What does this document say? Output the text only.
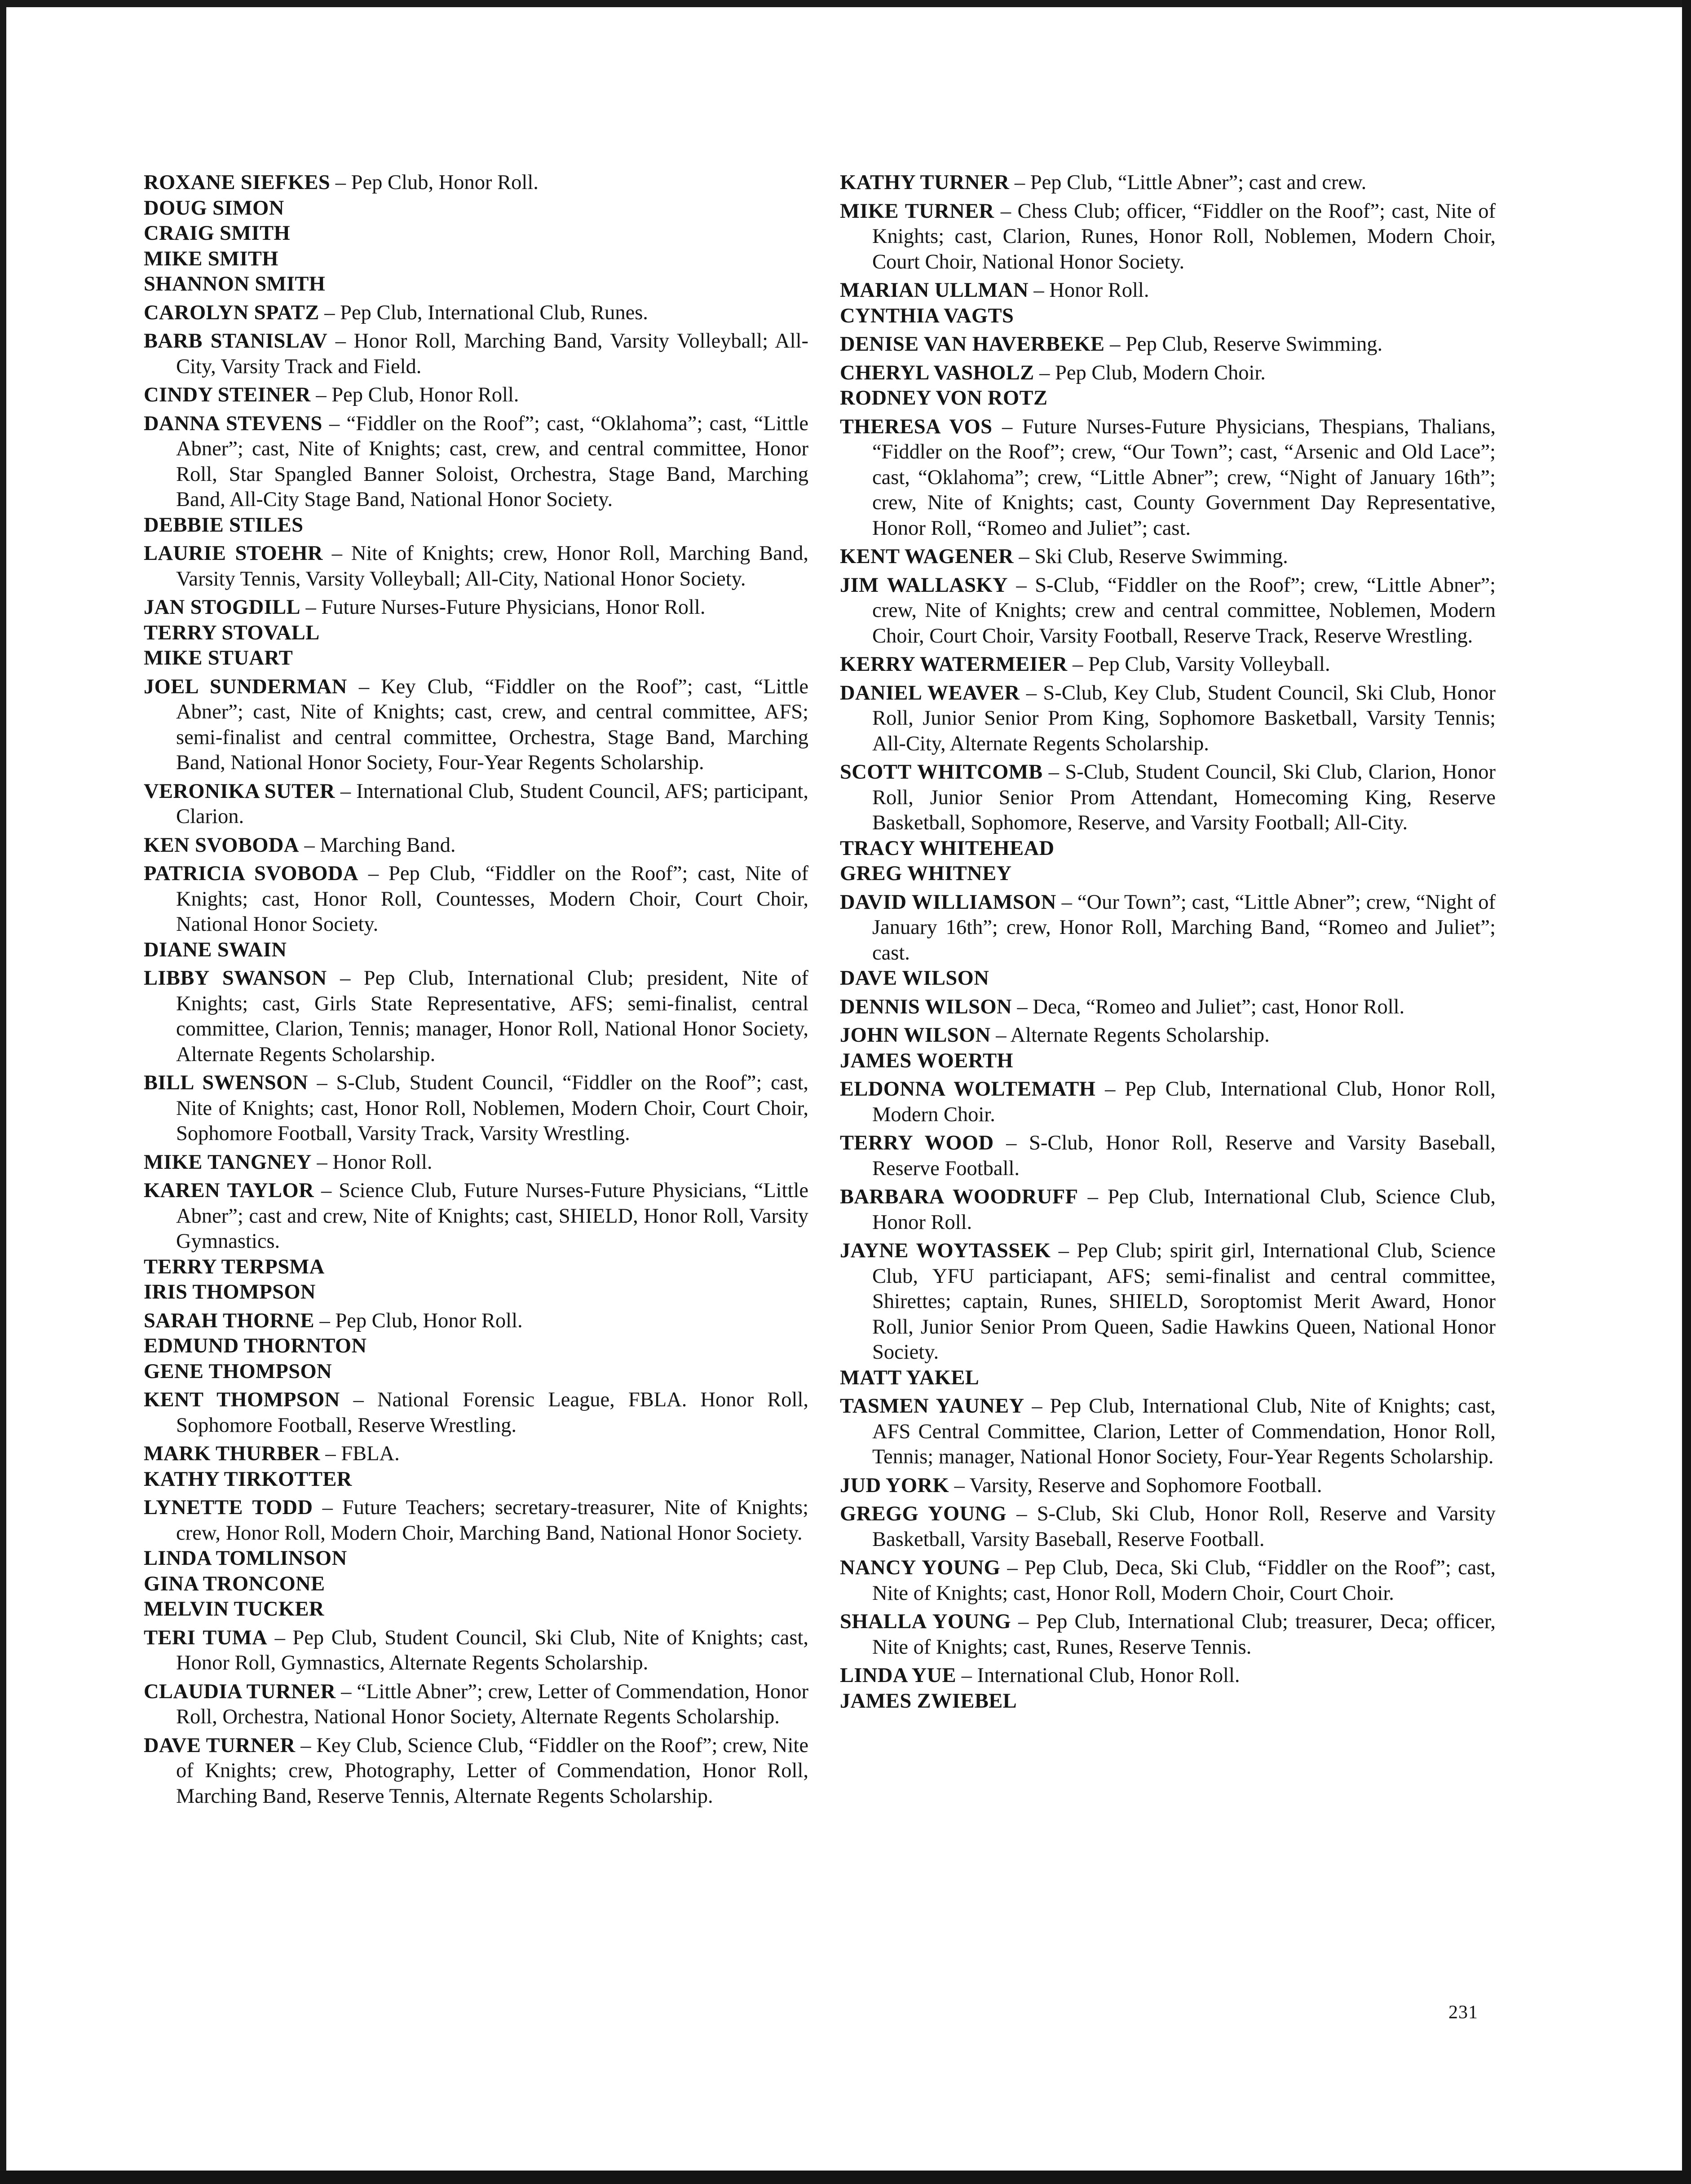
ROXANE SIEFKES – Pep Club, Honor Roll.

DOUG SIMON

CRAIG SMITH

MIKE SMITH

SHANNON SMITH

CAROLYN SPATZ – Pep Club, International Club, Runes.

BARB STANISLAV – Honor Roll, Marching Band, Varsity Volleyball; All-City, Varsity Track and Field.

CINDY STEINER – Pep Club, Honor Roll.

DANNA STEVENS – “Fiddler on the Roof”; cast, “Oklahoma”; cast, “Little Abner”; cast, Nite of Knights; cast, crew, and central committee, Honor Roll, Star Spangled Banner Soloist, Orchestra, Stage Band, Marching Band, All-City Stage Band, National Honor Society.

DEBBIE STILES

LAURIE STOEHR – Nite of Knights; crew, Honor Roll, Marching Band, Varsity Tennis, Varsity Volleyball; All-City, National Honor Society.

JAN STOGDILL – Future Nurses-Future Physicians, Honor Roll.

TERRY STOVALL

MIKE STUART

JOEL SUNDERMAN – Key Club, “Fiddler on the Roof”; cast, “Little Abner”; cast, Nite of Knights; cast, crew, and central committee, AFS; semi-finalist and central committee, Orchestra, Stage Band, Marching Band, National Honor Society, Four-Year Regents Scholarship.

VERONIKA SUTER – International Club, Student Council, AFS; participant, Clarion.

KEN SVOBODA – Marching Band.

PATRICIA SVOBODA – Pep Club, “Fiddler on the Roof”; cast, Nite of Knights; cast, Honor Roll, Countesses, Modern Choir, Court Choir, National Honor Society.

DIANE SWAIN

LIBBY SWANSON – Pep Club, International Club; president, Nite of Knights; cast, Girls State Representative, AFS; semi-finalist, central committee, Clarion, Tennis; manager, Honor Roll, National Honor Society, Alternate Regents Scholarship.

BILL SWENSON – S-Club, Student Council, “Fiddler on the Roof”; cast, Nite of Knights; cast, Honor Roll, Noblemen, Modern Choir, Court Choir, Sophomore Football, Varsity Track, Varsity Wrestling.

MIKE TANGNEY – Honor Roll.

KAREN TAYLOR – Science Club, Future Nurses-Future Physicians, “Little Abner”; cast and crew, Nite of Knights; cast, SHIELD, Honor Roll, Varsity Gymnastics.

TERRY TERPSMA

IRIS THOMPSON

SARAH THORNE – Pep Club, Honor Roll.

EDMUND THORNTON

GENE THOMPSON

KENT THOMPSON – National Forensic League, FBLA. Honor Roll, Sophomore Football, Reserve Wrestling.

MARK THURBER – FBLA.

KATHY TIRKOTTER

LYNETTE TODD – Future Teachers; secretary-treasurer, Nite of Knights; crew, Honor Roll, Modern Choir, Marching Band, National Honor Society.

LINDA TOMLINSON

GINA TRONCONE

MELVIN TUCKER

TERI TUMA – Pep Club, Student Council, Ski Club, Nite of Knights; cast, Honor Roll, Gymnastics, Alternate Regents Scholarship.

CLAUDIA TURNER – “Little Abner”; crew, Letter of Commendation, Honor Roll, Orchestra, National Honor Society, Alternate Regents Scholarship.

DAVE TURNER – Key Club, Science Club, “Fiddler on the Roof”; crew, Nite of Knights; crew, Photography, Letter of Commendation, Honor Roll, Marching Band, Reserve Tennis, Alternate Regents Scholarship.

KATHY TURNER – Pep Club, “Little Abner”; cast and crew.

MIKE TURNER – Chess Club; officer, “Fiddler on the Roof”; cast, Nite of Knights; cast, Clarion, Runes, Honor Roll, Noblemen, Modern Choir, Court Choir, National Honor Society.

MARIAN ULLMAN – Honor Roll.

CYNTHIA VAGTS

DENISE VAN HAVERBEKE – Pep Club, Reserve Swimming.

CHERYL VASHOLZ – Pep Club, Modern Choir.

RODNEY VON ROTZ

THERESA VOS – Future Nurses-Future Physicians, Thespians, Thalians, “Fiddler on the Roof”; crew, “Our Town”; cast, “Arsenic and Old Lace”; cast, “Oklahoma”; crew, “Little Abner”; crew, “Night of January 16th”; crew, Nite of Knights; cast, County Government Day Representative, Honor Roll, “Romeo and Juliet”; cast.

KENT WAGENER – Ski Club, Reserve Swimming.

JIM WALLASKY – S-Club, “Fiddler on the Roof”; crew, “Little Abner”; crew, Nite of Knights; crew and central committee, Noblemen, Modern Choir, Court Choir, Varsity Football, Reserve Track, Reserve Wrestling.

KERRY WATERMEIER – Pep Club, Varsity Volleyball.

DANIEL WEAVER – S-Club, Key Club, Student Council, Ski Club, Honor Roll, Junior Senior Prom King, Sophomore Basketball, Varsity Tennis; All-City, Alternate Regents Scholarship.

SCOTT WHITCOMB – S-Club, Student Council, Ski Club, Clarion, Honor Roll, Junior Senior Prom Attendant, Homecoming King, Reserve Basketball, Sophomore, Reserve, and Varsity Football; All-City.

TRACY WHITEHEAD

GREG WHITNEY

DAVID WILLIAMSON – “Our Town”; cast, “Little Abner”; crew, “Night of January 16th”; crew, Honor Roll, Marching Band, “Romeo and Juliet”; cast.

DAVE WILSON

DENNIS WILSON – Deca, “Romeo and Juliet”; cast, Honor Roll.

JOHN WILSON – Alternate Regents Scholarship.

JAMES WOERTH

ELDONNA WOLTEMATH – Pep Club, International Club, Honor Roll, Modern Choir.

TERRY WOOD – S-Club, Honor Roll, Reserve and Varsity Baseball, Reserve Football.

BARBARA WOODRUFF – Pep Club, International Club, Science Club, Honor Roll.

JAYNE WOYTASSEK – Pep Club; spirit girl, International Club, Science Club, YFU particiapant, AFS; semi-finalist and central committee, Shirettes; captain, Runes, SHIELD, Soroptomist Merit Award, Honor Roll, Junior Senior Prom Queen, Sadie Hawkins Queen, National Honor Society.

MATT YAKEL

TASMEN YAUNEY – Pep Club, International Club, Nite of Knights; cast, AFS Central Committee, Clarion, Letter of Commendation, Honor Roll, Tennis; manager, National Honor Society, Four-Year Regents Scholarship.

JUD YORK – Varsity, Reserve and Sophomore Football.

GREGG YOUNG – S-Club, Ski Club, Honor Roll, Reserve and Varsity Basketball, Varsity Baseball, Reserve Football.

NANCY YOUNG – Pep Club, Deca, Ski Club, “Fiddler on the Roof”; cast, Nite of Knights; cast, Honor Roll, Modern Choir, Court Choir.

SHALLA YOUNG – Pep Club, International Club; treasurer, Deca; officer, Nite of Knights; cast, Runes, Reserve Tennis.

LINDA YUE – International Club, Honor Roll.

JAMES ZWIEBEL

231
